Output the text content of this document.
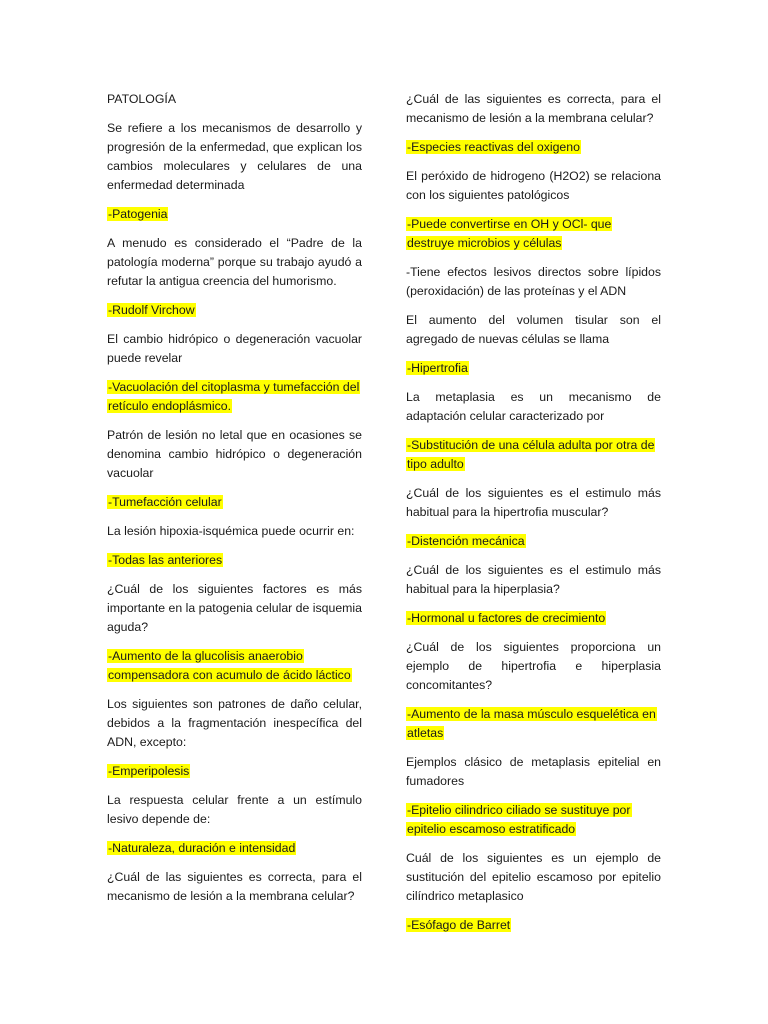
PATOLOGÍA

Se refiere a los mecanismos de desarrollo y progresión de la enfermedad, que explican los cambios moleculares y celulares de una enfermedad determinada

-Patogenia

A menudo es considerado el “Padre de la patología moderna” porque su trabajo ayudó a refutar la antigua creencia del humorismo.

-Rudolf Virchow

El cambio hidrópico o degeneración vacuolar puede revelar

-Vacuolación del citoplasma y tumefacción del retículo endoplásmico.

Patrón de lesión no letal que en ocasiones se denomina cambio hidrópico o degeneración vacuolar

-Tumefacción celular

La lesión hipoxia-isquémica puede ocurrir en:

-Todas las anteriores

¿Cuál de los siguientes factores es más importante en la patogenia celular de isquemia aguda?

-Aumento de la glucolisis anaerobio compensadora con acumulo de ácido láctico

Los siguientes son patrones de daño celular, debidos a la fragmentación inespecífica del ADN, excepto:

-Emperipolesis

La respuesta celular frente a un estímulo lesivo depende de:

-Naturaleza, duración e intensidad

¿Cuál de las siguientes es correcta, para el mecanismo de lesión a la membrana celular?

¿Cuál de las siguientes es correcta, para el mecanismo de lesión a la membrana celular?

-Especies reactivas del oxigeno

El peróxido de hidrogeno (H2O2) se relaciona con los siguientes patológicos

-Puede convertirse en OH y OCl- que destruye microbios y células

-Tiene efectos lesivos directos sobre lípidos (peroxidación) de las proteínas y el ADN

El aumento del volumen tisular son el agregado de nuevas células se llama

-Hipertrofia

La metaplasia es un mecanismo de adaptación celular caracterizado por

-Substitución de una célula adulta por otra de tipo adulto

¿Cuál de los siguientes es el estimulo más habitual para la hipertrofia muscular?

-Distención mecánica

¿Cuál de los siguientes es el estimulo más habitual para la hiperplasia?

-Hormonal u factores de crecimiento

¿Cuál de los siguientes proporciona un ejemplo de hipertrofia e hiperplasia concomitantes?

-Aumento de la masa músculo esquelética en atletas

Ejemplos clásico de metaplasis epitelial en fumadores

-Epitelio cilindrico ciliado se sustituye por epitelio escamoso estratificado

Cuál de los siguientes es un ejemplo de sustitución del epitelio escamoso por epitelio cilíndrico metaplasico

-Esófago de Barret
